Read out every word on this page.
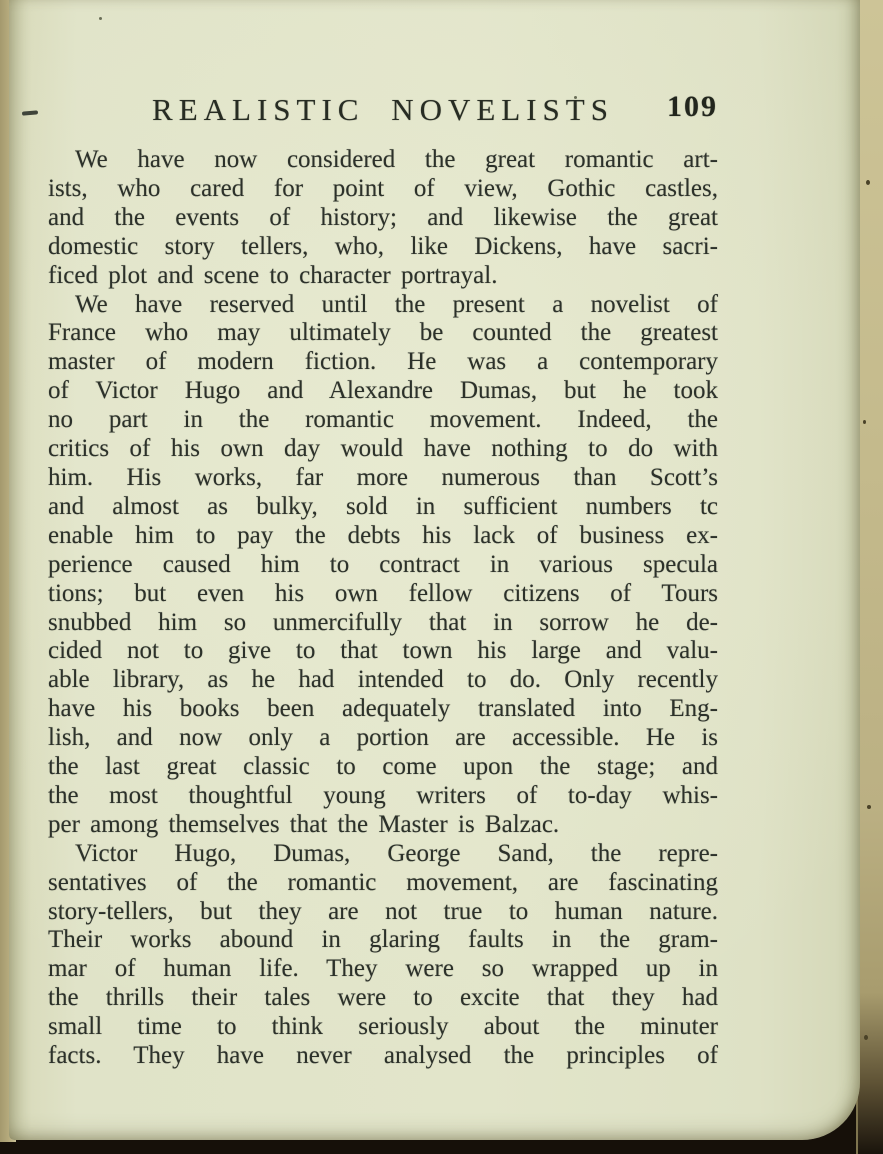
REALISTIC NOVELISTS	109
We have now considered the great romantic art-
ists, who cared for point of view, Gothic castles,
and the events of history; and likewise the great
domestic story tellers, who, like Dickens, have sacri-
ficed plot and scene to character portrayal.
We have reserved until the present a novelist of
France who may ultimately be counted the greatest
master of modern fiction. He was a contemporary
of Victor Hugo and Alexandre Dumas, but he took
no part in the romantic movement. Indeed, the
critics of his own day would have nothing to do with
him. His works, far more numerous than Scott’s
and almost as bulky, sold in sufficient numbers tc
enable him to pay the debts his lack of business ex-
perience caused him to contract in various specula
tions; but even his own fellow citizens of Tours
snubbed him so unmercifully that in sorrow he de-
cided not to give to that town his large and valu-
able library, as he had intended to do. Only recently
have his books been adequately translated into Eng-
lish, and now only a portion are accessible. He is
the last great classic to come upon the stage; and
the most thoughtful young writers of to-day whis-
per among themselves that the Master is Balzac.
Victor Hugo, Dumas, George Sand, the repre-
sentatives of the romantic movement, are fascinating
story-tellers, but they are not true to human nature.
Their works abound in glaring faults in the gram-
mar of human life. They were so wrapped up in
the thrills their tales were to excite that they had
small time to think seriously about the minuter
facts. They have never analysed the principles of
